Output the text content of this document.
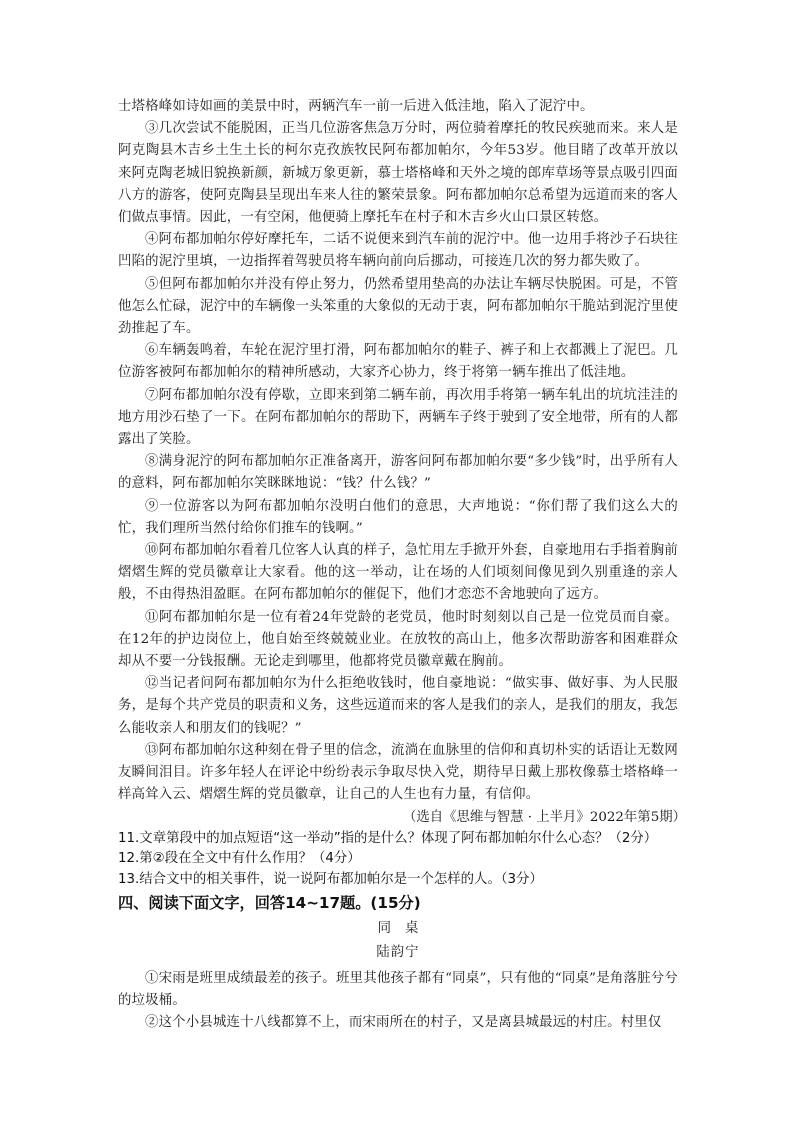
士塔格峰如诗如画的美景中时，两辆汽车一前一后进入低洼地，陷入了泥泞中。

③几次尝试不能脱困，正当几位游客焦急万分时，两位骑着摩托的牧民疾驰而来。来人是阿克陶县木吉乡土生土长的柯尔克孜族牧民阿布都加帕尔，今年53岁。他目睹了改革开放以来阿克陶老城旧貌换新颜，新城万象更新，慕士塔格峰和天外之境的郎库草场等景点吸引四面八方的游客，使阿克陶县呈现出车来人往的繁荣景象。阿布都加帕尔总希望为远道而来的客人们做点事情。因此，一有空闲，他便骑上摩托车在村子和木吉乡火山口景区转悠。

④阿布都加帕尔停好摩托车，二话不说便来到汽车前的泥泞中。他一边用手将沙子石块往凹陷的泥泞里填，一边指挥着驾驶员将车辆向前向后挪动，可接连几次的努力都失败了。

⑤但阿布都加帕尔并没有停止努力，仍然希望用垫高的办法让车辆尽快脱困。可是，不管他怎么忙碌，泥泞中的车辆像一头笨重的大象似的无动于衷，阿布都加帕尔干脆站到泥泞里使劲推起了车。

⑥车辆轰鸣着，车轮在泥泞里打滑，阿布都加帕尔的鞋子、裤子和上衣都溅上了泥巴。几位游客被阿布都加帕尔的精神所感动，大家齐心协力，终于将第一辆车推出了低洼地。

⑦阿布都加帕尔没有停歇，立即来到第二辆车前，再次用手将第一辆车轧出的坑坑洼洼的地方用沙石垫了一下。在阿布都加帕尔的帮助下，两辆车子终于驶到了安全地带，所有的人都露出了笑脸。

⑧满身泥泞的阿布都加帕尔正准备离开，游客问阿布都加帕尔要“多少钱”时，出乎所有人的意料，阿布都加帕尔笑眯眯地说：“钱？什么钱？”

⑨一位游客以为阿布都加帕尔没明白他们的意思，大声地说：“你们帮了我们这么大的忙，我们理所当然付给你们推车的钱啊。”

⑩阿布都加帕尔看着几位客人认真的样子，急忙用左手掀开外套，自豪地用右手指着胸前熠熠生辉的党员徽章让大家看。他的这一举动，让在场的人们顷刻间像见到久别重逢的亲人般，不由得热泪盈眶。在阿布都加帕尔的催促下，他们才恋恋不舍地驶向了远方。

⑪阿布都加帕尔是一位有着24年党龄的老党员，他时时刻刻以自己是一位党员而自豪。在12年的护边岗位上，他自始至终兢兢业业。在放牧的高山上，他多次帮助游客和困难群众却从不要一分钱报酬。无论走到哪里，他都将党员徽章戴在胸前。

⑫当记者问阿布都加帕尔为什么拒绝收钱时，他自豪地说：“做实事、做好事、为人民服务，是每个共产党员的职责和义务，这些远道而来的客人是我们的亲人，是我们的朋友，我怎么能收亲人和朋友们的钱呢？”

⑬阿布都加帕尔这种刻在骨子里的信念，流淌在血脉里的信仰和真切朴实的话语让无数网友瞬间泪目。许多年轻人在评论中纷纷表示争取尽快入党，期待早日戴上那枚像慕士塔格峰一样高耸入云、熠熠生辉的党员徽章，让自己的人生也有力量，有信仰。

（选自《思维与智慧 · 上半月》2022年第5期）

11.文章第段中的加点短语“这一举动”指的是什么？体现了阿布都加帕尔什么心态？（2分）

12.第②段在全文中有什么作用？（4分）

13.结合文中的相关事件，说一说阿布都加帕尔是一个怎样的人。（3分）

四、阅读下面文字，回答14~17题。(15分)

同桌

陆韵宁

①宋雨是班里成绩最差的孩子。班里其他孩子都有“同桌”，只有他的“同桌”是角落脏兮兮的垃圾桶。

②这个小县城连十八线都算不上，而宋雨所在的村子，又是离县城最远的村庄。村里仅
